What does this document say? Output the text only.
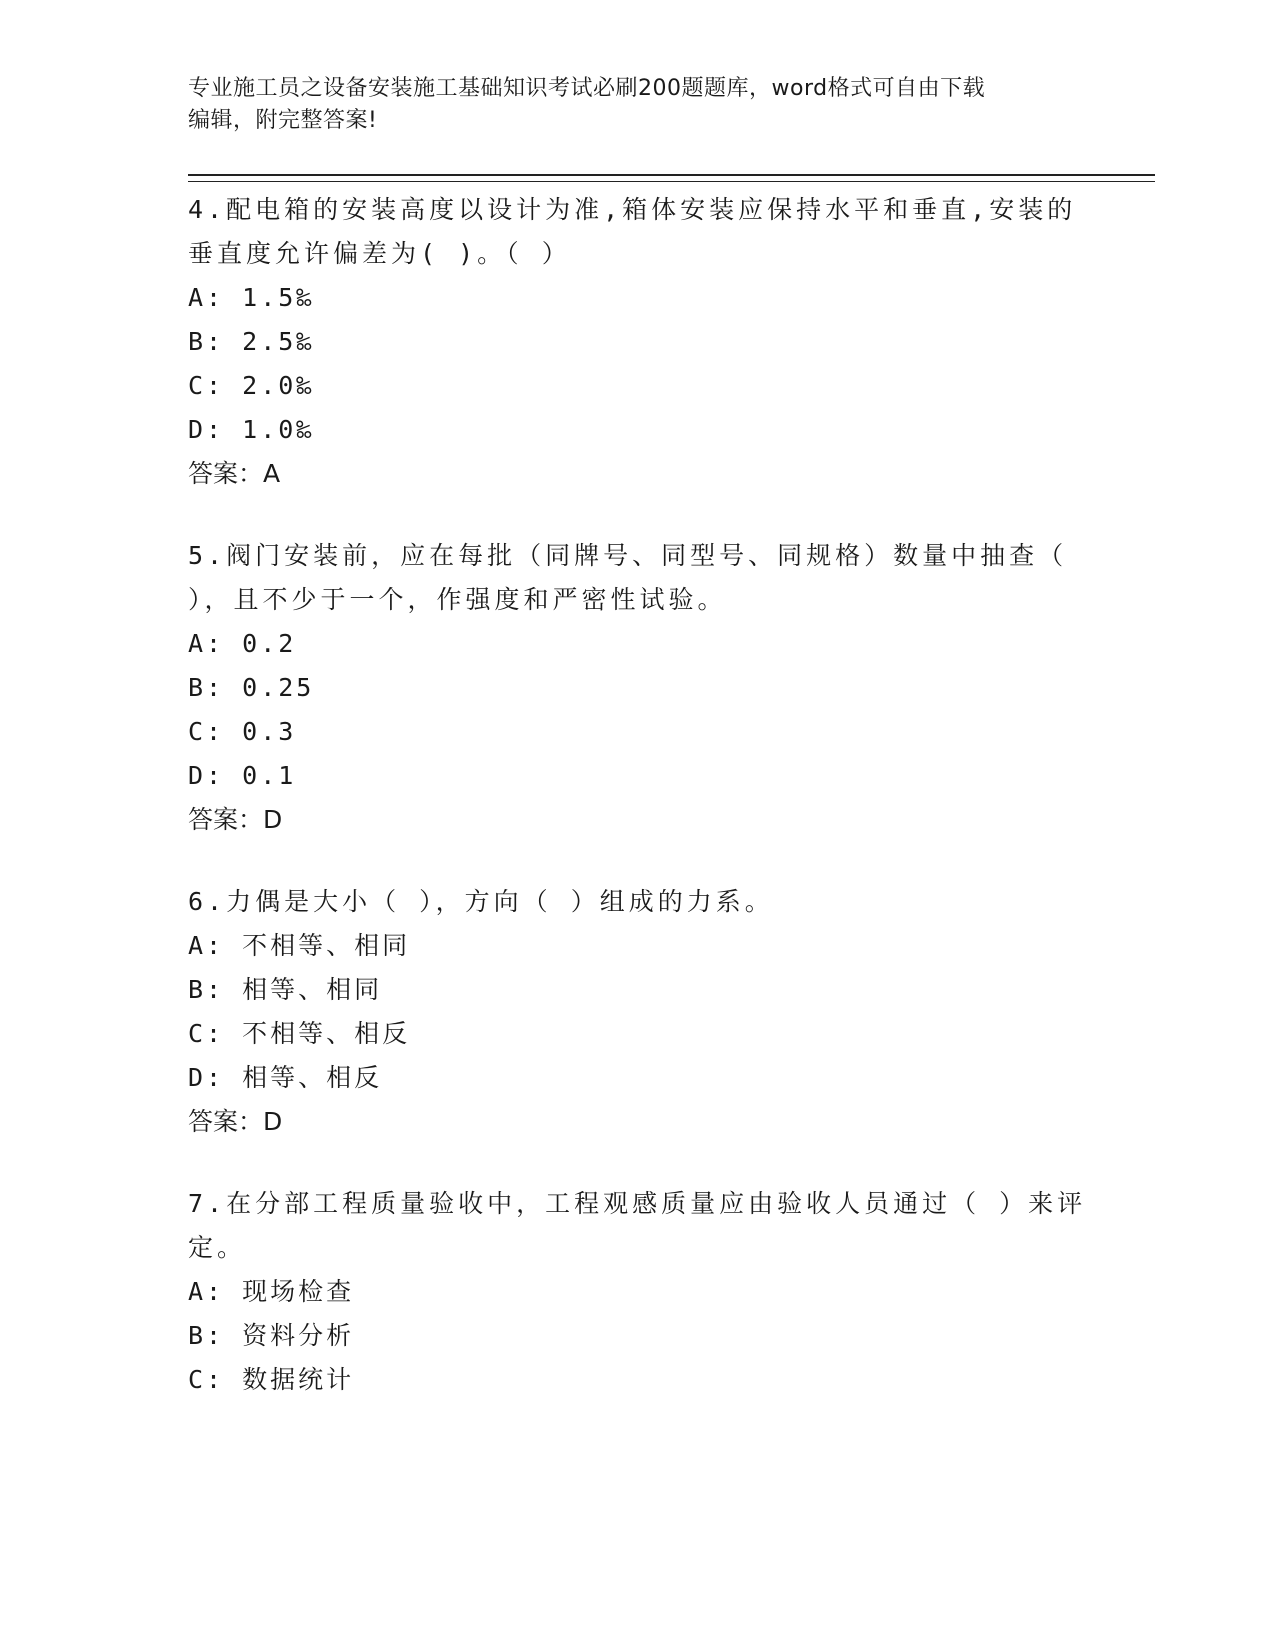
专业施工员之设备安装施工基础知识考试必刷200题题库，word格式可自由下载
编辑，附完整答案!

4.配电箱的安装高度以设计为准,箱体安装应保持水平和垂直,安装的

垂直度允许偏差为( )。（ ）

A: 1.5‰

B: 2.5‰

C: 2.0‰

D: 1.0‰

答案：A

5.阀门安装前，应在每批（同牌号、同型号、同规格）数量中抽查（

），且不少于一个，作强度和严密性试验。

A: 0.2

B: 0.25

C: 0.3

D: 0.1

答案：D

6.力偶是大小（ ），方向（ ）组成的力系。

A: 不相等、相同

B: 相等、相同

C: 不相等、相反

D: 相等、相反

答案：D

7.在分部工程质量验收中，工程观感质量应由验收人员通过（ ）来评

定。

A: 现场检查

B: 资料分析

C: 数据统计
